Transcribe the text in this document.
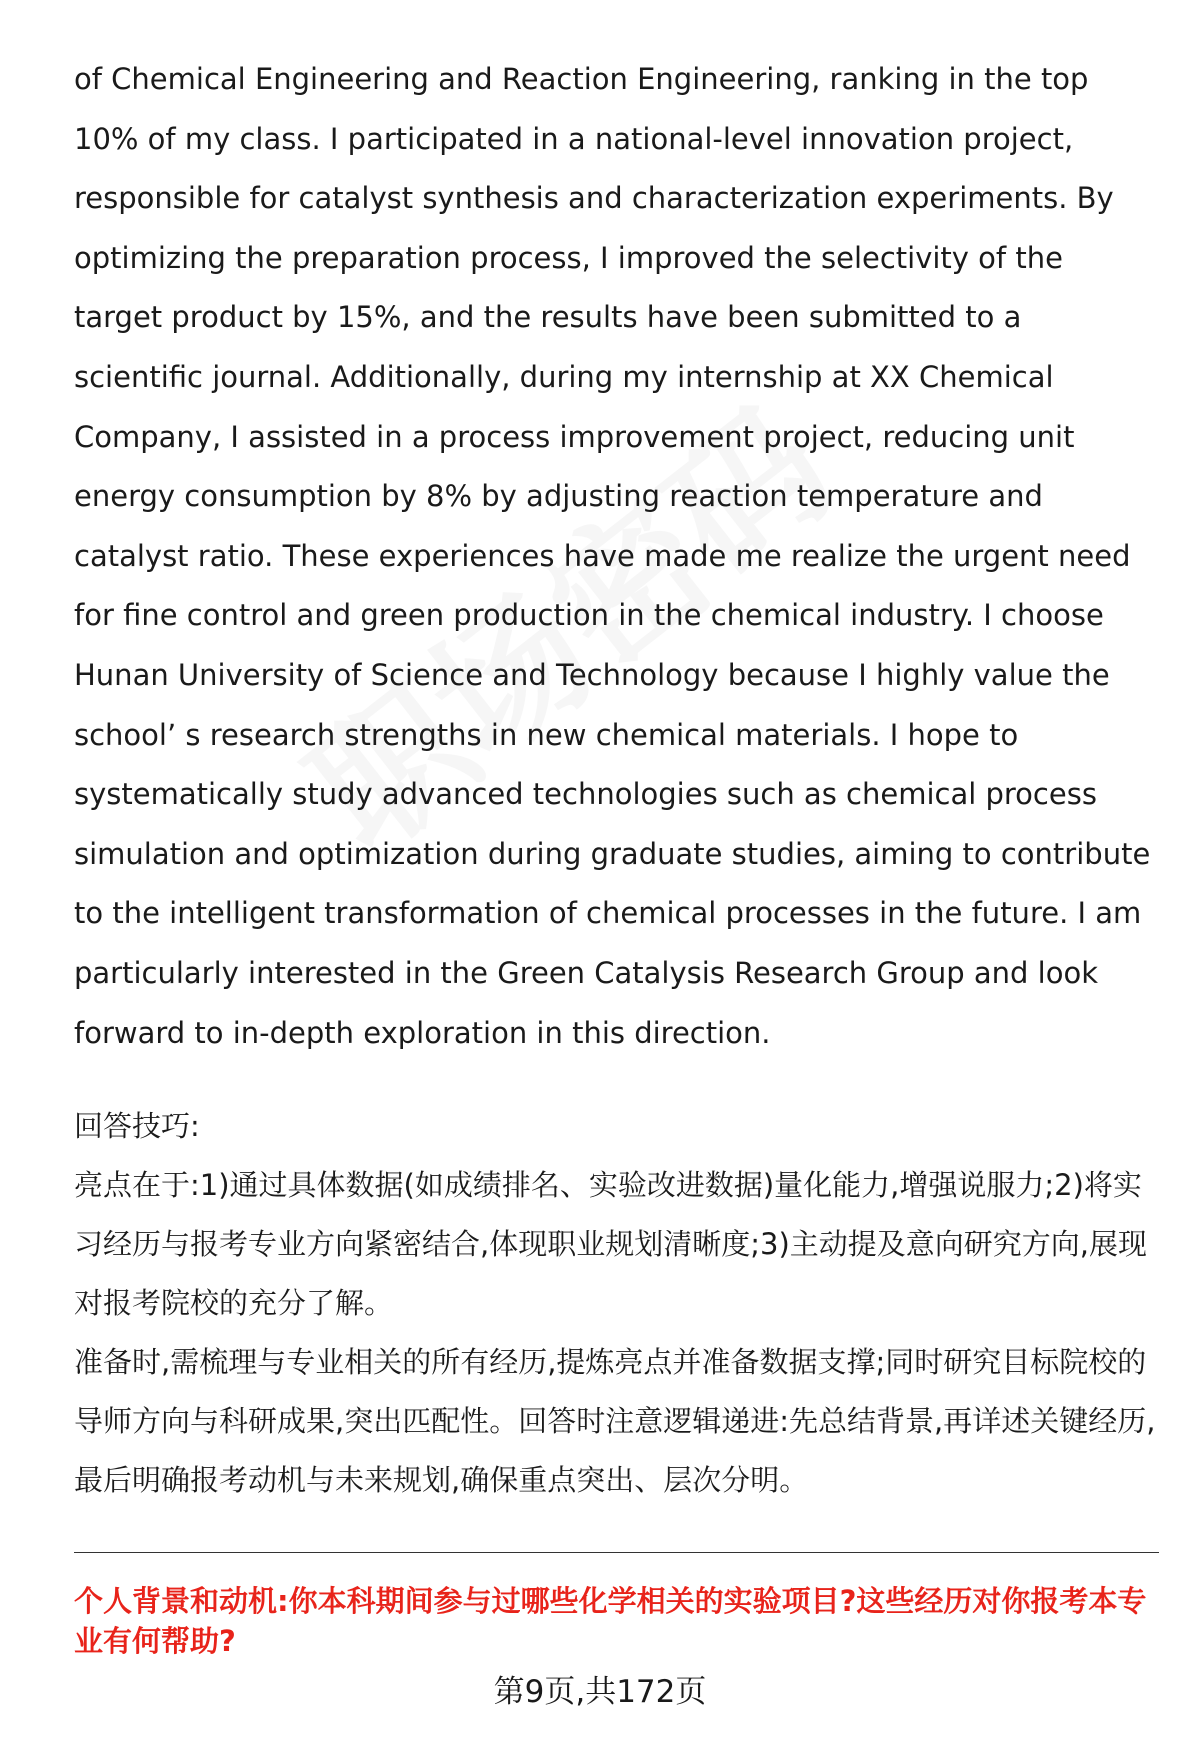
of Chemical Engineering and Reaction Engineering, ranking in the top 10% of my class. I participated in a national-level innovation project, responsible for catalyst synthesis and characterization experiments. By optimizing the preparation process, I improved the selectivity of the target product by 15%, and the results have been submitted to a scientific journal. Additionally, during my internship at XX Chemical Company, I assisted in a process improvement project, reducing unit energy consumption by 8% by adjusting reaction temperature and catalyst ratio. These experiences have made me realize the urgent need for fine control and green production in the chemical industry. I choose Hunan University of Science and Technology because I highly value the school’ s research strengths in new chemical materials. I hope to systematically study advanced technologies such as chemical process simulation and optimization during graduate studies, aiming to contribute to the intelligent transformation of chemical processes in the future. I am particularly interested in the Green Catalysis Research Group and look forward to in-depth exploration in this direction.

回答技巧:

亮点在于:1)通过具体数据(如成绩排名、实验改进数据)量化能力,增强说服力;2)将实习经历与报考专业方向紧密结合,体现职业规划清晰度;3)主动提及意向研究方向,展现对报考院校的充分了解。

准备时,需梳理与专业相关的所有经历,提炼亮点并准备数据支撑;同时研究目标院校的导师方向与科研成果,突出匹配性。回答时注意逻辑递进:先总结背景,再详述关键经历,最后明确报考动机与未来规划,确保重点突出、层次分明。

个人背景和动机:你本科期间参与过哪些化学相关的实验项目?这些经历对你报考本专业有何帮助?
第9页,共172页
